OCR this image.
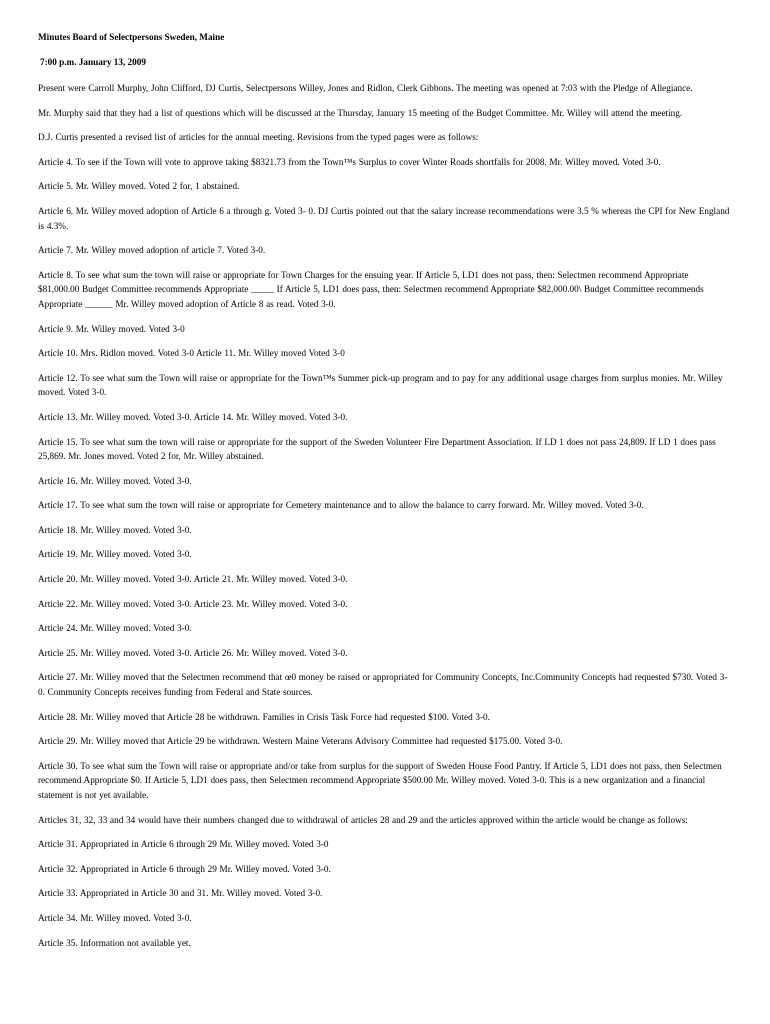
Minutes Board of Selectpersons Sweden, Maine
7:00 p.m. January 13, 2009
Present were Carroll Murphy, John Clifford, DJ Curtis, Selectpersons Willey, Jones and Ridlon, Clerk Gibbons. The meeting was opened at 7:03 with the Pledge of Allegiance.
Mr. Murphy said that they had a list of questions which will be discussed at the Thursday, January 15 meeting of the Budget Committee. Mr. Willey will attend the meeting.
D.J. Curtis presented a revised list of articles for the annual meeting. Revisions from the typed pages were as follows:
Article 4. To see if the Town will vote to approve taking $8321.73 from the Town™s Surplus to cover Winter Roads shortfalls for 2008. Mr. Willey moved. Voted 3-0.
Article 5. Mr. Willey moved. Voted 2 for, 1 abstained.
Article 6. Mr. Willey moved adoption of Article 6 a through g. Voted 3- 0. DJ Curtis pointed out that the salary increase recommendations were 3.5 % whereas the CPI for New England is 4.3%.
Article 7. Mr. Willey moved adoption of article 7. Voted 3-0.
Article 8. To see what sum the town will raise or appropriate for Town Charges for the ensuing year. If Article 5, LD1 does not pass, then: Selectmen recommend Appropriate $81,000.00 Budget Committee recommends Appropriate _____ If Article 5, LD1 does pass, then: Selectmen recommend Appropriate $82,000.00\ Budget Committee recommends Appropriate ______ Mr. Willey moved adoption of Article 8 as read. Voted 3-0.
Article 9. Mr. Willey moved. Voted 3-0
Article 10. Mrs. Ridlon moved. Voted 3-0 Article 11. Mr. Willey moved Voted 3-0
Article 12. To see what sum the Town will raise or appropriate for the Town™s Summer pick-up program and to pay for any additional usage charges from surplus monies. Mr. Willey moved. Voted 3-0.
Article 13. Mr. Willey moved. Voted 3-0. Article 14. Mr. Willey moved. Voted 3-0.
Article 15. To see what sum the town will raise or appropriate for the support of the Sweden Volunteer Fire Department Association. If LD 1 does not pass 24,809. If LD 1 does pass 25,869. Mr. Jones moved. Voted 2 for, Mr. Willey abstained.
Article 16. Mr. Willey moved. Voted 3-0.
Article 17. To see what sum the town will raise or appropriate for Cemetery maintenance and to allow the balance to carry forward. Mr. Willey moved. Voted 3-0.
Article 18. Mr. Willey moved. Voted 3-0.
Article 19. Mr. Willey moved. Voted 3-0.
Article 20. Mr. Willey moved. Voted 3-0. Article 21. Mr. Willey moved. Voted 3-0.
Article 22. Mr. Willey moved. Voted 3-0. Article 23. Mr. Willey moved. Voted 3-0.
Article 24. Mr. Willey moved. Voted 3-0.
Article 25. Mr. Willey moved. Voted 3-0. Article 26. Mr. Willey moved. Voted 3-0.
Article 27. Mr. Willey moved that the Selectmen recommend that œ0 money be raised or appropriated for Community Concepts, Inc.Community Concepts had requested $730. Voted 3-0. Community Concepts receives funding from Federal and State sources.
Article 28. Mr. Willey moved that Article 28 be withdrawn. Families in Crisis Task Force had requested $100. Voted 3-0.
Article 29. Mr. Willey moved that Article 29 be withdrawn. Western Maine Veterans Advisory Committee had requested $175.00. Voted 3-0.
Article 30. To see what sum the Town will raise or appropriate and/or take from surplus for the support of Sweden House Food Pantry. If Article 5, LD1 does not pass, then Selectmen recommend Appropriate $0. If Article 5, LD1 does pass, then Selectmen recommend Appropriate $500.00 Mr. Willey moved. Voted 3-0. This is a new organization and a financial statement is not yet available.
Articles 31, 32, 33 and 34 would have their numbers changed due to withdrawal of articles 28 and 29 and the articles approved within the article would be change as follows:
Article 31. Appropriated in Article 6 through 29 Mr. Willey moved. Voted 3-0
Article 32. Appropriated in Article 6 through 29 Mr. Willey moved. Voted 3-0.
Article 33. Appropriated in Article 30 and 31. Mr. Willey moved. Voted 3-0.
Article 34. Mr. Willey moved. Voted 3-0.
Article 35. Information not available yet.
